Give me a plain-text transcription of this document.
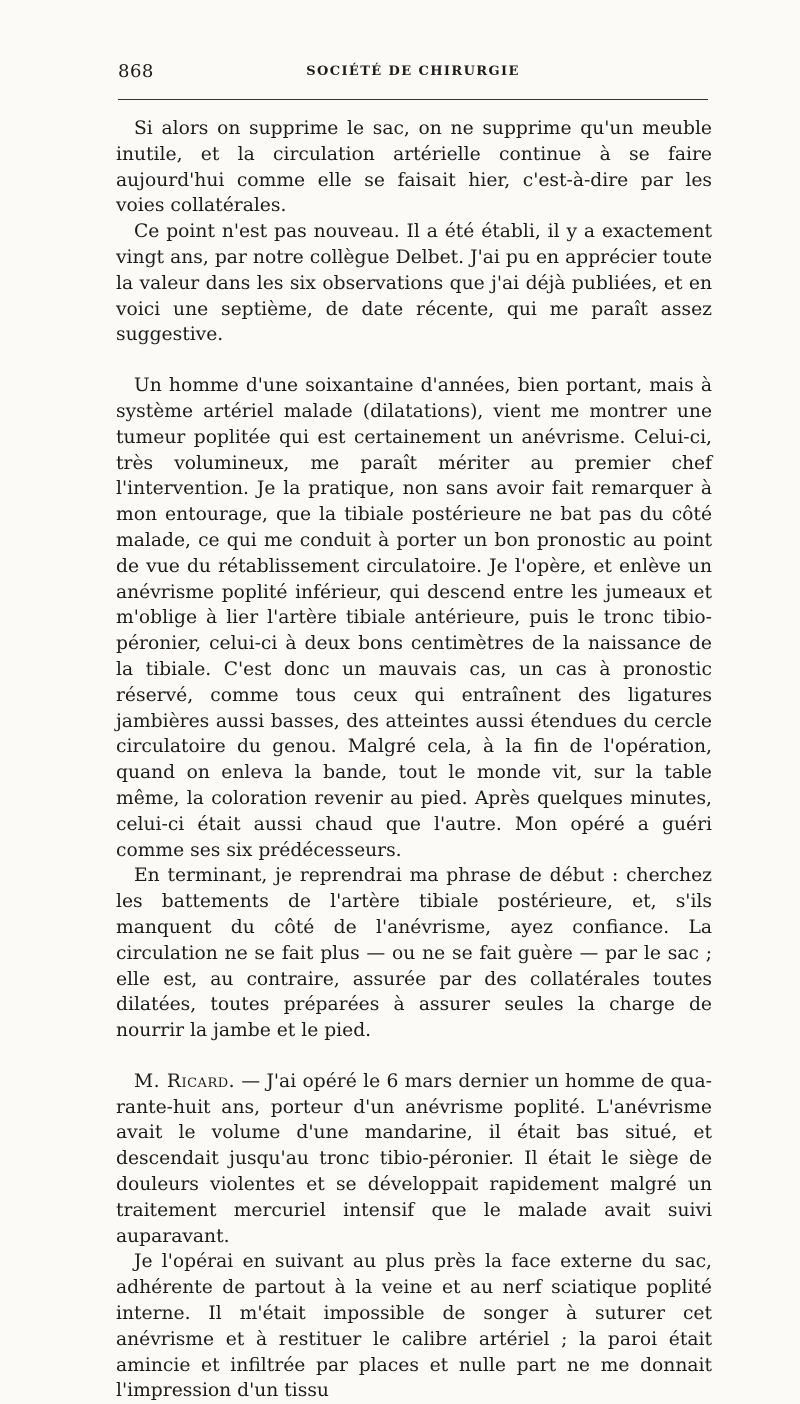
868	SOCIÉTÉ DE CHIRURGIE

Si alors on supprime le sac, on ne supprime qu'un meuble inutile, et la circulation artérielle continue à se faire aujourd'hui comme elle se faisait hier, c'est-à-dire par les voies collatérales.

Ce point n'est pas nouveau. Il a été établi, il y a exactement vingt ans, par notre collègue Delbet. J'ai pu en apprécier toute la valeur dans les six observations que j'ai déjà publiées, et en voici une septième, de date récente, qui me paraît assez suggestive.

Un homme d'une soixantaine d'années, bien portant, mais à système artériel malade (dilatations), vient me montrer une tumeur poplitée qui est certainement un anévrisme. Celui-ci, très volumineux, me paraît mériter au premier chef l'intervention. Je la pratique, non sans avoir fait remarquer à mon entourage, que la tibiale postérieure ne bat pas du côté malade, ce qui me conduit à porter un bon pronostic au point de vue du rétablissement circulatoire. Je l'opère, et enlève un anévrisme poplité inférieur, qui descend entre les jumeaux et m'oblige à lier l'artère tibiale antérieure, puis le tronc tibio-péronier, celui-ci à deux bons centimètres de la naissance de la tibiale. C'est donc un mauvais cas, un cas à pronostic réservé, comme tous ceux qui entraînent des ligatures jambières aussi basses, des atteintes aussi étendues du cercle circulatoire du genou. Malgré cela, à la fin de l'opération, quand on enleva la bande, tout le monde vit, sur la table même, la coloration revenir au pied. Après quelques minutes, celui-ci était aussi chaud que l'autre. Mon opéré a guéri comme ses six prédécesseurs.

En terminant, je reprendrai ma phrase de début : cherchez les battements de l'artère tibiale postérieure, et, s'ils manquent du côté de l'anévrisme, ayez confiance. La circulation ne se fait plus — ou ne se fait guère — par le sac ; elle est, au contraire, assurée par des collatérales toutes dilatées, toutes préparées à assurer seules la charge de nourrir la jambe et le pied.

M. Ricard. — J'ai opéré le 6 mars dernier un homme de quarante-huit ans, porteur d'un anévrisme poplité. L'anévrisme avait le volume d'une mandarine, il était bas situé, et descendait jusqu'au tronc tibio-péronier. Il était le siège de douleurs violentes et se développait rapidement malgré un traitement mercuriel intensif que le malade avait suivi auparavant.

Je l'opérai en suivant au plus près la face externe du sac, adhérente de partout à la veine et au nerf sciatique poplité interne. Il m'était impossible de songer à suturer cet anévrisme et à restituer le calibre artériel ; la paroi était amincie et infiltrée par places et nulle part ne me donnait l'impression d'un tissu
